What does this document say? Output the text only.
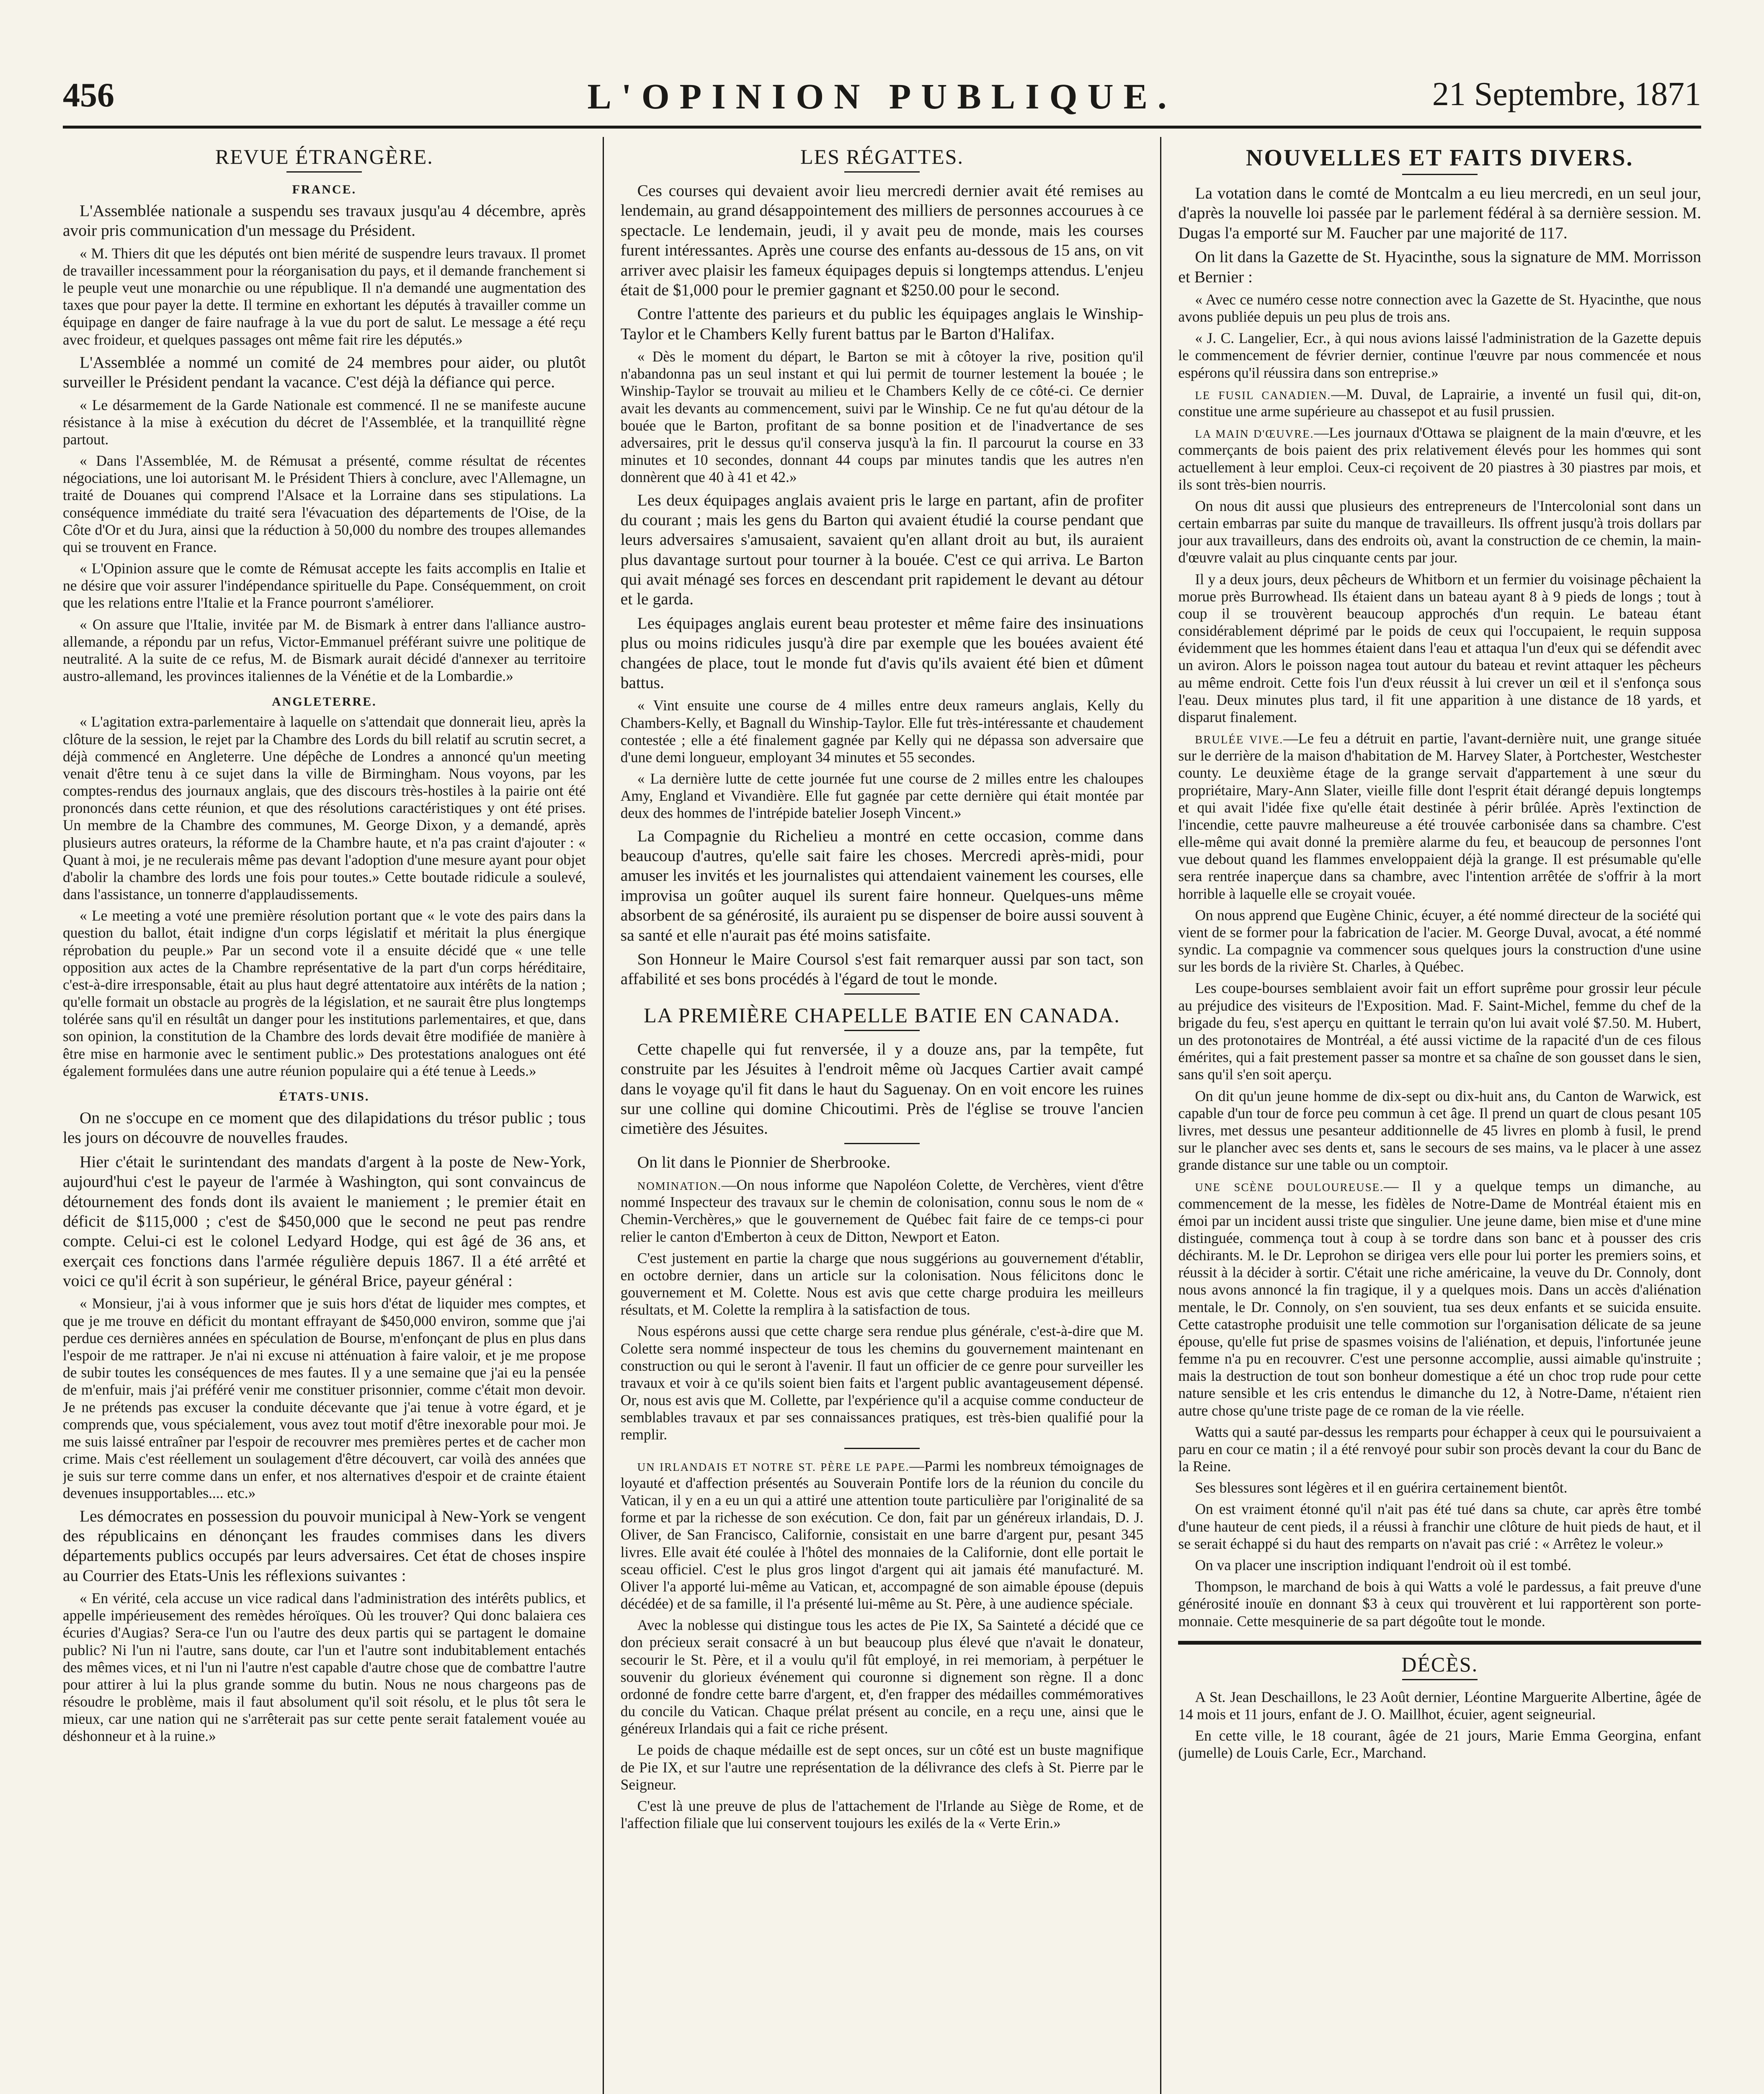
456	L'OPINION PUBLIQUE.	21 Septembre, 1871
REVUE ÉTRANGÈRE.
FRANCE.

L'Assemblée nationale a suspendu ses travaux jusqu'au 4 décembre, après avoir pris communication d'un message du Président.

« M. Thiers dit que les députés ont bien mérité de suspendre leurs travaux. Il promet de travailler incessamment pour la réorganisation du pays, et il demande franchement si le peuple veut une monarchie ou une république. Il n'a demandé une augmentation des taxes que pour payer la dette. Il termine en exhortant les députés à travailler comme un équipage en danger de faire naufrage à la vue du port de salut. Le message a été reçu avec froideur, et quelques passages ont même fait rire les députés.»

L'Assemblée a nommé un comité de 24 membres pour aider, ou plutôt surveiller le Président pendant la vacance. C'est déjà la défiance qui perce.

« Le désarmement de la Garde Nationale est commencé. Il ne se manifeste aucune résistance à la mise à exécution du décret de l'Assemblée, et la tranquillité règne partout.

« Dans l'Assemblée, M. de Rémusat a présenté, comme résultat de récentes négociations, une loi autorisant M. le Président Thiers à conclure, avec l'Allemagne, un traité de Douanes qui comprend l'Alsace et la Lorraine dans ses stipulations. La conséquence immédiate du traité sera l'évacuation des départements de l'Oise, de la Côte d'Or et du Jura, ainsi que la réduction à 50,000 du nombre des troupes allemandes qui se trouvent en France.

« L'Opinion assure que le comte de Rémusat accepte les faits accomplis en Italie et ne désire que voir assurer l'indépendance spirituelle du Pape. Conséquemment, on croit que les relations entre l'Italie et la France pourront s'améliorer.

« On assure que l'Italie, invitée par M. de Bismark à entrer dans l'alliance austro-allemande, a répondu par un refus, Victor-Emmanuel préférant suivre une politique de neutralité. A la suite de ce refus, M. de Bismark aurait décidé d'annexer au territoire austro-allemand, les provinces italiennes de la Vénétie et de la Lombardie.»

ANGLETERRE.

« L'agitation extra-parlementaire à laquelle on s'attendait que donnerait lieu, après la clôture de la session, le rejet par la Chambre des Lords du bill relatif au scrutin secret, a déjà commencé en Angleterre. Une dépêche de Londres a annoncé qu'un meeting venait d'être tenu à ce sujet dans la ville de Birmingham. Nous voyons, par les comptes-rendus des journaux anglais, que des discours très-hostiles à la pairie ont été prononcés dans cette réunion, et que des résolutions caractéristiques y ont été prises. Un membre de la Chambre des communes, M. George Dixon, y a demandé, après plusieurs autres orateurs, la réforme de la Chambre haute, et n'a pas craint d'ajouter : « Quant à moi, je ne reculerais même pas devant l'adoption d'une mesure ayant pour objet d'abolir la chambre des lords une fois pour toutes.» Cette boutade ridicule a soulevé, dans l'assistance, un tonnerre d'applaudissements.

« Le meeting a voté une première résolution portant que « le vote des pairs dans la question du ballot, était indigne d'un corps législatif et méritait la plus énergique réprobation du peuple.» Par un second vote il a ensuite décidé que « une telle opposition aux actes de la Chambre représentative de la part d'un corps héréditaire, c'est-à-dire irresponsable, était au plus haut degré attentatoire aux intérêts de la nation ; qu'elle formait un obstacle au progrès de la législation, et ne saurait être plus longtemps tolérée sans qu'il en résultât un danger pour les institutions parlementaires, et que, dans son opinion, la constitution de la Chambre des lords devait être modifiée de manière à être mise en harmonie avec le sentiment public.» Des protestations analogues ont été également formulées dans une autre réunion populaire qui a été tenue à Leeds.»

ÉTATS-UNIS.

On ne s'occupe en ce moment que des dilapidations du trésor public ; tous les jours on découvre de nouvelles fraudes.

Hier c'était le surintendant des mandats d'argent à la poste de New-York, aujourd'hui c'est le payeur de l'armée à Washington, qui sont convaincus de détournement des fonds dont ils avaient le maniement ; le premier était en déficit de $115,000 ; c'est de $450,000 que le second ne peut pas rendre compte. Celui-ci est le colonel Ledyard Hodge, qui est âgé de 36 ans, et exerçait ces fonctions dans l'armée régulière depuis 1867. Il a été arrêté et voici ce qu'il écrit à son supérieur, le général Brice, payeur général :

« Monsieur, j'ai à vous informer que je suis hors d'état de liquider mes comptes, et que je me trouve en déficit du montant effrayant de $450,000 environ, somme que j'ai perdue ces dernières années en spéculation de Bourse, m'enfonçant de plus en plus dans l'espoir de me rattraper. Je n'ai ni excuse ni atténuation à faire valoir, et je me propose de subir toutes les conséquences de mes fautes. Il y a une semaine que j'ai eu la pensée de m'enfuir, mais j'ai préféré venir me constituer prisonnier, comme c'était mon devoir. Je ne prétends pas excuser la conduite décevante que j'ai tenue à votre égard, et je comprends que, vous spécialement, vous avez tout motif d'être inexorable pour moi. Je me suis laissé entraîner par l'espoir de recouvrer mes premières pertes et de cacher mon crime. Mais c'est réellement un soulagement d'être découvert, car voilà des années que je suis sur terre comme dans un enfer, et nos alternatives d'espoir et de crainte étaient devenues insupportables.... etc.»

Les démocrates en possession du pouvoir municipal à New-York se vengent des républicains en dénonçant les fraudes commises dans les divers départements publics occupés par leurs adversaires. Cet état de choses inspire au Courrier des Etats-Unis les réflexions suivantes :

« En vérité, cela accuse un vice radical dans l'administration des intérêts publics, et appelle impérieusement des remèdes héroïques. Où les trouver? Qui donc balaiera ces écuries d'Augias? Sera-ce l'un ou l'autre des deux partis qui se partagent le domaine public? Ni l'un ni l'autre, sans doute, car l'un et l'autre sont indubitablement entachés des mêmes vices, et ni l'un ni l'autre n'est capable d'autre chose que de combattre l'autre pour attirer à lui la plus grande somme du butin. Nous ne nous chargeons pas de résoudre le problème, mais il faut absolument qu'il soit résolu, et le plus tôt sera le mieux, car une nation qui ne s'arrêterait pas sur cette pente serait fatalement vouée au déshonneur et à la ruine.»

LES RÉGATTES.

Ces courses qui devaient avoir lieu mercredi dernier avait été remises au lendemain, au grand désappointement des milliers de personnes accourues à ce spectacle. Le lendemain, jeudi, il y avait peu de monde, mais les courses furent intéressantes. Après une course des enfants au-dessous de 15 ans, on vit arriver avec plaisir les fameux équipages depuis si longtemps attendus. L'enjeu était de $1,000 pour le premier gagnant et $250.00 pour le second.

Contre l'attente des parieurs et du public les équipages anglais le Winship-Taylor et le Chambers Kelly furent battus par le Barton d'Halifax.

« Dès le moment du départ, le Barton se mit à côtoyer la rive, position qu'il n'abandonna pas un seul instant et qui lui permit de tourner lestement la bouée ; le Winship-Taylor se trouvait au milieu et le Chambers Kelly de ce côté-ci. Ce dernier avait les devants au commencement, suivi par le Winship. Ce ne fut qu'au détour de la bouée que le Barton, profitant de sa bonne position et de l'inadvertance de ses adversaires, prit le dessus qu'il conserva jusqu'à la fin. Il parcourut la course en 33 minutes et 10 secondes, donnant 44 coups par minutes tandis que les autres n'en donnèrent que 40 à 41 et 42.»

Les deux équipages anglais avaient pris le large en partant, afin de profiter du courant ; mais les gens du Barton qui avaient étudié la course pendant que leurs adversaires s'amusaient, savaient qu'en allant droit au but, ils auraient plus davantage surtout pour tourner à la bouée. C'est ce qui arriva. Le Barton qui avait ménagé ses forces en descendant prit rapidement le devant au détour et le garda.

Les équipages anglais eurent beau protester et même faire des insinuations plus ou moins ridicules jusqu'à dire par exemple que les bouées avaient été changées de place, tout le monde fut d'avis qu'ils avaient été bien et dûment battus.

« Vint ensuite une course de 4 milles entre deux rameurs anglais, Kelly du Chambers-Kelly, et Bagnall du Winship-Taylor. Elle fut très-intéressante et chaudement contestée ; elle a été finalement gagnée par Kelly qui ne dépassa son adversaire que d'une demi longueur, employant 34 minutes et 55 secondes.

« La dernière lutte de cette journée fut une course de 2 milles entre les chaloupes Amy, England et Vivandière. Elle fut gagnée par cette dernière qui était montée par deux des hommes de l'intrépide batelier Joseph Vincent.»

La Compagnie du Richelieu a montré en cette occasion, comme dans beaucoup d'autres, qu'elle sait faire les choses. Mercredi après-midi, pour amuser les invités et les journalistes qui attendaient vainement les courses, elle improvisa un goûter auquel ils surent faire honneur. Quelques-uns même absorbent de sa générosité, ils auraient pu se dispenser de boire aussi souvent à sa santé et elle n'aurait pas été moins satisfaite.

Son Honneur le Maire Coursol s'est fait remarquer aussi par son tact, son affabilité et ses bons procédés à l'égard de tout le monde.

LA PREMIÈRE CHAPELLE BATIE EN CANADA.

Cette chapelle qui fut renversée, il y a douze ans, par la tempête, fut construite par les Jésuites à l'endroit même où Jacques Cartier avait campé dans le voyage qu'il fit dans le haut du Saguenay. On en voit encore les ruines sur une colline qui domine Chicoutimi. Près de l'église se trouve l'ancien cimetière des Jésuites.

On lit dans le Pionnier de Sherbrooke.

NOMINATION.—On nous informe que Napoléon Colette, de Verchères, vient d'être nommé Inspecteur des travaux sur le chemin de colonisation, connu sous le nom de « Chemin-Verchères,» que le gouvernement de Québec fait faire de ce temps-ci pour relier le canton d'Emberton à ceux de Ditton, Newport et Eaton.

C'est justement en partie la charge que nous suggérions au gouvernement d'établir, en octobre dernier, dans un article sur la colonisation. Nous félicitons donc le gouvernement et M. Colette. Nous est avis que cette charge produira les meilleurs résultats, et M. Colette la remplira à la satisfaction de tous.

Nous espérons aussi que cette charge sera rendue plus générale, c'est-à-dire que M. Colette sera nommé inspecteur de tous les chemins du gouvernement maintenant en construction ou qui le seront à l'avenir. Il faut un officier de ce genre pour surveiller les travaux et voir à ce qu'ils soient bien faits et l'argent public avantageusement dépensé. Or, nous est avis que M. Collette, par l'expérience qu'il a acquise comme conducteur de semblables travaux et par ses connaissances pratiques, est très-bien qualifié pour la remplir.

UN IRLANDAIS ET NOTRE ST. PÈRE LE PAPE.—Parmi les nombreux témoignages de loyauté et d'affection présentés au Souverain Pontife lors de la réunion du concile du Vatican, il y en a eu un qui a attiré une attention toute particulière par l'originalité de sa forme et par la richesse de son exécution. Ce don, fait par un généreux irlandais, D. J. Oliver, de San Francisco, Californie, consistait en une barre d'argent pur, pesant 345 livres. Elle avait été coulée à l'hôtel des monnaies de la Californie, dont elle portait le sceau officiel. C'est le plus gros lingot d'argent qui ait jamais été manufacturé. M. Oliver l'a apporté lui-même au Vatican, et, accompagné de son aimable épouse (depuis décédée) et de sa famille, il l'a présenté lui-même au St. Père, à une audience spéciale.

Avec la noblesse qui distingue tous les actes de Pie IX, Sa Sainteté a décidé que ce don précieux serait consacré à un but beaucoup plus élevé que n'avait le donateur, secourir le St. Père, et il a voulu qu'il fût employé, in rei memoriam, à perpétuer le souvenir du glorieux événement qui couronne si dignement son règne. Il a donc ordonné de fondre cette barre d'argent, et, d'en frapper des médailles commémoratives du concile du Vatican. Chaque prélat présent au concile, en a reçu une, ainsi que le généreux Irlandais qui a fait ce riche présent.

Le poids de chaque médaille est de sept onces, sur un côté est un buste magnifique de Pie IX, et sur l'autre une représentation de la délivrance des clefs à St. Pierre par le Seigneur.

C'est là une preuve de plus de l'attachement de l'Irlande au Siège de Rome, et de l'affection filiale que lui conservent toujours les exilés de la « Verte Erin.»

NOUVELLES ET FAITS DIVERS.

La votation dans le comté de Montcalm a eu lieu mercredi, en un seul jour, d'après la nouvelle loi passée par le parlement fédéral à sa dernière session. M. Dugas l'a emporté sur M. Faucher par une majorité de 117.

On lit dans la Gazette de St. Hyacinthe, sous la signature de MM. Morrisson et Bernier :

« Avec ce numéro cesse notre connection avec la Gazette de St. Hyacinthe, que nous avons publiée depuis un peu plus de trois ans.

« J. C. Langelier, Ecr., à qui nous avions laissé l'administration de la Gazette depuis le commencement de février dernier, continue l'œuvre par nous commencée et nous espérons qu'il réussira dans son entreprise.»

LE FUSIL CANADIEN.—M. Duval, de Laprairie, a inventé un fusil qui, dit-on, constitue une arme supérieure au chassepot et au fusil prussien.

LA MAIN D'ŒUVRE.—Les journaux d'Ottawa se plaignent de la main d'œuvre, et les commerçants de bois paient des prix relativement élevés pour les hommes qui sont actuellement à leur emploi. Ceux-ci reçoivent de 20 piastres à 30 piastres par mois, et ils sont très-bien nourris.

On nous dit aussi que plusieurs des entrepreneurs de l'Intercolonial sont dans un certain embarras par suite du manque de travailleurs. Ils offrent jusqu'à trois dollars par jour aux travailleurs, dans des endroits où, avant la construction de ce chemin, la main-d'œuvre valait au plus cinquante cents par jour.

Il y a deux jours, deux pêcheurs de Whitborn et un fermier du voisinage pêchaient la morue près Burrowhead. Ils étaient dans un bateau ayant 8 à 9 pieds de longs ; tout à coup il se trouvèrent beaucoup approchés d'un requin. Le bateau étant considérablement déprimé par le poids de ceux qui l'occupaient, le requin supposa évidemment que les hommes étaient dans l'eau et attaqua l'un d'eux qui se défendit avec un aviron. Alors le poisson nagea tout autour du bateau et revint attaquer les pêcheurs au même endroit. Cette fois l'un d'eux réussit à lui crever un œil et il s'enfonça sous l'eau. Deux minutes plus tard, il fit une apparition à une distance de 18 yards, et disparut finalement.

BRULÉE VIVE.—Le feu a détruit en partie, l'avant-dernière nuit, une grange située sur le derrière de la maison d'habitation de M. Harvey Slater, à Portchester, Westchester county. Le deuxième étage de la grange servait d'appartement à une sœur du propriétaire, Mary-Ann Slater, vieille fille dont l'esprit était dérangé depuis longtemps et qui avait l'idée fixe qu'elle était destinée à périr brûlée. Après l'extinction de l'incendie, cette pauvre malheureuse a été trouvée carbonisée dans sa chambre. C'est elle-même qui avait donné la première alarme du feu, et beaucoup de personnes l'ont vue debout quand les flammes enveloppaient déjà la grange. Il est présumable qu'elle sera rentrée inaperçue dans sa chambre, avec l'intention arrêtée de s'offrir à la mort horrible à laquelle elle se croyait vouée.

On nous apprend que Eugène Chinic, écuyer, a été nommé directeur de la société qui vient de se former pour la fabrication de l'acier. M. George Duval, avocat, a été nommé syndic. La compagnie va commencer sous quelques jours la construction d'une usine sur les bords de la rivière St. Charles, à Québec.

Les coupe-bourses semblaient avoir fait un effort suprême pour grossir leur pécule au préjudice des visiteurs de l'Exposition. Mad. F. Saint-Michel, femme du chef de la brigade du feu, s'est aperçu en quittant le terrain qu'on lui avait volé $7.50. M. Hubert, un des protonotaires de Montréal, a été aussi victime de la rapacité d'un de ces filous émérites, qui a fait prestement passer sa montre et sa chaîne de son gousset dans le sien, sans qu'il s'en soit aperçu.

On dit qu'un jeune homme de dix-sept ou dix-huit ans, du Canton de Warwick, est capable d'un tour de force peu commun à cet âge. Il prend un quart de clous pesant 105 livres, met dessus une pesanteur additionnelle de 45 livres en plomb à fusil, le prend sur le plancher avec ses dents et, sans le secours de ses mains, va le placer à une assez grande distance sur une table ou un comptoir.

UNE SCÈNE DOULOUREUSE.— Il y a quelque temps un dimanche, au commencement de la messe, les fidèles de Notre-Dame de Montréal étaient mis en émoi par un incident aussi triste que singulier. Une jeune dame, bien mise et d'une mine distinguée, commença tout à coup à se tordre dans son banc et à pousser des cris déchirants. M. le Dr. Leprohon se dirigea vers elle pour lui porter les premiers soins, et réussit à la décider à sortir. C'était une riche américaine, la veuve du Dr. Connoly, dont nous avons annoncé la fin tragique, il y a quelques mois. Dans un accès d'aliénation mentale, le Dr. Connoly, on s'en souvient, tua ses deux enfants et se suicida ensuite. Cette catastrophe produisit une telle commotion sur l'organisation délicate de sa jeune épouse, qu'elle fut prise de spasmes voisins de l'aliénation, et depuis, l'infortunée jeune femme n'a pu en recouvrer. C'est une personne accomplie, aussi aimable qu'instruite ; mais la destruction de tout son bonheur domestique a été un choc trop rude pour cette nature sensible et les cris entendus le dimanche du 12, à Notre-Dame, n'étaient rien autre chose qu'une triste page de ce roman de la vie réelle.

Watts qui a sauté par-dessus les remparts pour échapper à ceux qui le poursuivaient a paru en cour ce matin ; il a été renvoyé pour subir son procès devant la cour du Banc de la Reine.

Ses blessures sont légères et il en guérira certainement bientôt.

On est vraiment étonné qu'il n'ait pas été tué dans sa chute, car après être tombé d'une hauteur de cent pieds, il a réussi à franchir une clôture de huit pieds de haut, et il se serait échappé si du haut des remparts on n'avait pas crié : « Arrêtez le voleur.»

On va placer une inscription indiquant l'endroit où il est tombé.

Thompson, le marchand de bois à qui Watts a volé le pardessus, a fait preuve d'une générosité inouïe en donnant $3 à ceux qui trouvèrent et lui rapportèrent son porte-monnaie. Cette mesquinerie de sa part dégoûte tout le monde.

DÉCÈS.

A St. Jean Deschaillons, le 23 Août dernier, Léontine Marguerite Albertine, âgée de 14 mois et 11 jours, enfant de J. O. Maillhot, écuier, agent seigneurial.

En cette ville, le 18 courant, âgée de 21 jours, Marie Emma Georgina, enfant (jumelle) de Louis Carle, Ecr., Marchand.
